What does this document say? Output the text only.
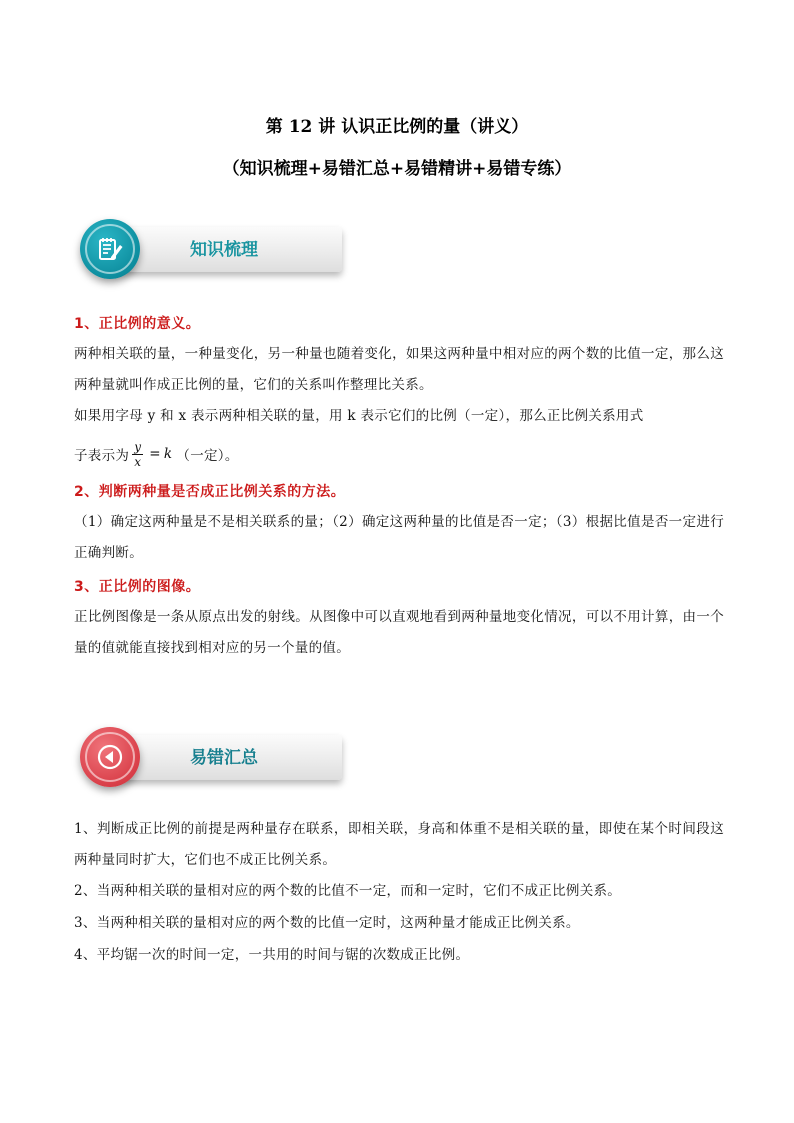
第 12 讲 认识正比例的量（讲义）
（知识梳理+易错汇总+易错精讲+易错专练）
知识梳理
1、正比例的意义。
两种相关联的量，一种量变化，另一种量也随着变化，如果这两种量中相对应的两个数的比值一定，那么这两种量就叫作成正比例的量，它们的关系叫作整理比关系。
如果用字母 y 和 x 表示两种相关联的量，用 k 表示它们的比例（一定），那么正比例关系用式
子表示为 $\frac{y}{x} = k$ （一定）。
2、判断两种量是否成正比例关系的方法。
（1）确定这两种量是不是相关联系的量；（2）确定这两种量的比值是否一定；（3）根据比值是否一定进行正确判断。
3、正比例的图像。
正比例图像是一条从原点出发的射线。从图像中可以直观地看到两种量地变化情况，可以不用计算，由一个量的值就能直接找到相对应的另一个量的值。
易错汇总
1、判断成正比例的前提是两种量存在联系，即相关联，身高和体重不是相关联的量，即使在某个时间段这两种量同时扩大，它们也不成正比例关系。
2、当两种相关联的量相对应的两个数的比值不一定，而和一定时，它们不成正比例关系。
3、当两种相关联的量相对应的两个数的比值一定时，这两种量才能成正比例关系。
4、平均锯一次的时间一定，一共用的时间与锯的次数成正比例。
